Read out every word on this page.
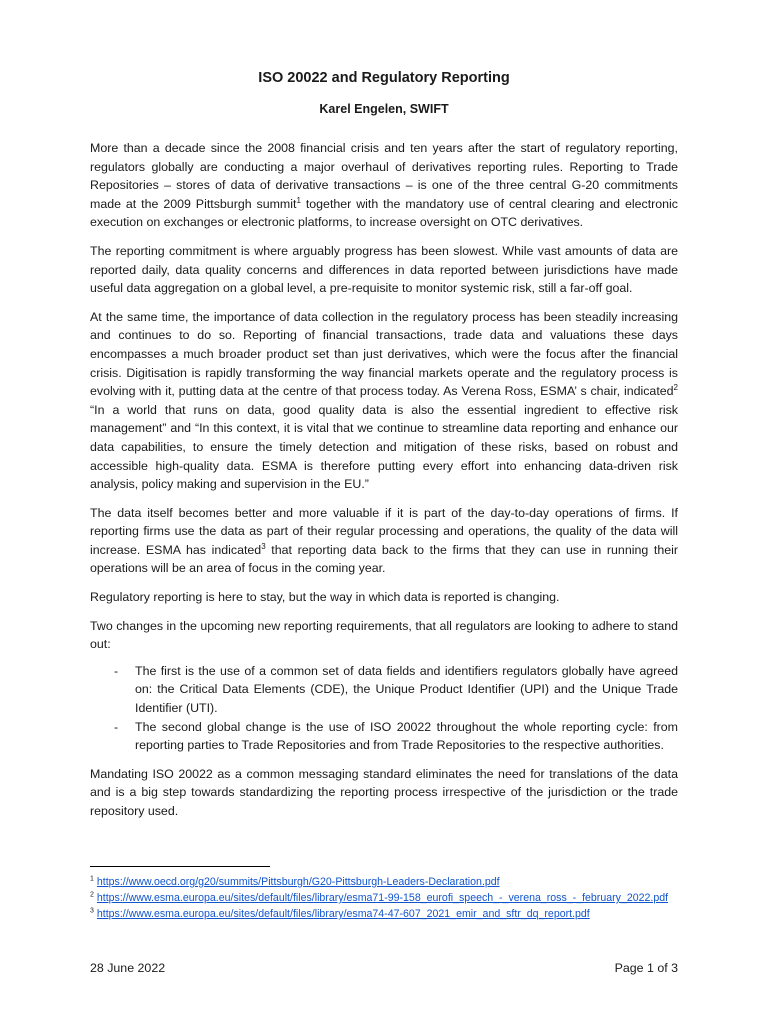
ISO 20022 and Regulatory Reporting
Karel Engelen, SWIFT

More than a decade since the 2008 financial crisis and ten years after the start of regulatory reporting, regulators globally are conducting a major overhaul of derivatives reporting rules. Reporting to Trade Repositories – stores of data of derivative transactions – is one of the three central G-20 commitments made at the 2009 Pittsburgh summit$^1$ together with the mandatory use of central clearing and electronic execution on exchanges or electronic platforms, to increase oversight on OTC derivatives.

The reporting commitment is where arguably progress has been slowest. While vast amounts of data are reported daily, data quality concerns and differences in data reported between jurisdictions have made useful data aggregation on a global level, a pre-requisite to monitor systemic risk, still a far-off goal.

At the same time, the importance of data collection in the regulatory process has been steadily increasing and continues to do so. Reporting of financial transactions, trade data and valuations these days encompasses a much broader product set than just derivatives, which were the focus after the financial crisis. Digitisation is rapidly transforming the way financial markets operate and the regulatory process is evolving with it, putting data at the centre of that process today. As Verena Ross, ESMA’ s chair, indicated$^2$ “In a world that runs on data, good quality data is also the essential ingredient to effective risk management” and “In this context, it is vital that we continue to streamline data reporting and enhance our data capabilities, to ensure the timely detection and mitigation of these risks, based on robust and accessible high-quality data. ESMA is therefore putting every effort into enhancing data-driven risk analysis, policy making and supervision in the EU.”

The data itself becomes better and more valuable if it is part of the day-to-day operations of firms. If reporting firms use the data as part of their regular processing and operations, the quality of the data will increase. ESMA has indicated$^3$ that reporting data back to the firms that they can use in running their operations will be an area of focus in the coming year.

Regulatory reporting is here to stay, but the way in which data is reported is changing.

Two changes in the upcoming new reporting requirements, that all regulators are looking to adhere to stand out:

- The first is the use of a common set of data fields and identifiers regulators globally have agreed on: the Critical Data Elements (CDE), the Unique Product Identifier (UPI) and the Unique Trade Identifier (UTI).
- The second global change is the use of ISO 20022 throughout the whole reporting cycle: from reporting parties to Trade Repositories and from Trade Repositories to the respective authorities.

Mandating ISO 20022 as a common messaging standard eliminates the need for translations of the data and is a big step towards standardizing the reporting process irrespective of the jurisdiction or the trade repository used.

$^1$ https://www.oecd.org/g20/summits/Pittsburgh/G20-Pittsburgh-Leaders-Declaration.pdf

$^2$ https://www.esma.europa.eu/sites/default/files/library/esma71-99-158_eurofi_speech_-_verena_ross_-_february_2022.pdf

$^3$ https://www.esma.europa.eu/sites/default/files/library/esma74-47-607_2021_emir_and_sftr_dq_report.pdf

28 June 2022	Page 1 of 3
